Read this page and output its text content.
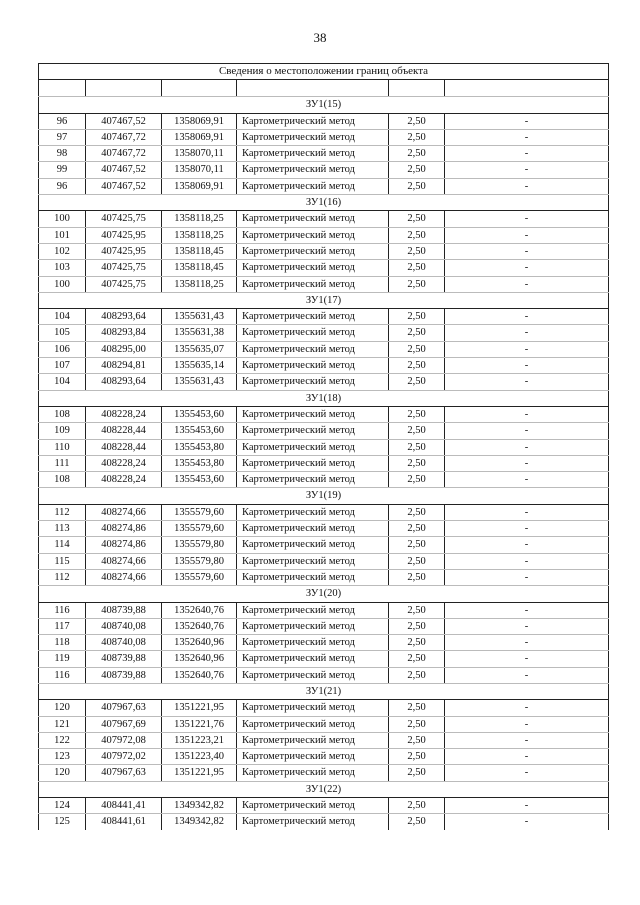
38
Сведения о местоположении границ объекта					

ЗУ1(15)					
96	407467,52	1358069,91	Картометрический метод	2,50	-
97	407467,72	1358069,91	Картометрический метод	2,50	-
98	407467,72	1358070,11	Картометрический метод	2,50	-
99	407467,52	1358070,11	Картометрический метод	2,50	-
96	407467,52	1358069,91	Картометрический метод	2,50	-
ЗУ1(16)					
100	407425,75	1358118,25	Картометрический метод	2,50	-
101	407425,95	1358118,25	Картометрический метод	2,50	-
102	407425,95	1358118,45	Картометрический метод	2,50	-
103	407425,75	1358118,45	Картометрический метод	2,50	-
100	407425,75	1358118,25	Картометрический метод	2,50	-
ЗУ1(17)					
104	408293,64	1355631,43	Картометрический метод	2,50	-
105	408293,84	1355631,38	Картометрический метод	2,50	-
106	408295,00	1355635,07	Картометрический метод	2,50	-
107	408294,81	1355635,14	Картометрический метод	2,50	-
104	408293,64	1355631,43	Картометрический метод	2,50	-
ЗУ1(18)					
108	408228,24	1355453,60	Картометрический метод	2,50	-
109	408228,44	1355453,60	Картометрический метод	2,50	-
110	408228,44	1355453,80	Картометрический метод	2,50	-
111	408228,24	1355453,80	Картометрический метод	2,50	-
108	408228,24	1355453,60	Картометрический метод	2,50	-
ЗУ1(19)					
112	408274,66	1355579,60	Картометрический метод	2,50	-
113	408274,86	1355579,60	Картометрический метод	2,50	-
114	408274,86	1355579,80	Картометрический метод	2,50	-
115	408274,66	1355579,80	Картометрический метод	2,50	-
112	408274,66	1355579,60	Картометрический метод	2,50	-
ЗУ1(20)					
116	408739,88	1352640,76	Картометрический метод	2,50	-
117	408740,08	1352640,76	Картометрический метод	2,50	-
118	408740,08	1352640,96	Картометрический метод	2,50	-
119	408739,88	1352640,96	Картометрический метод	2,50	-
116	408739,88	1352640,76	Картометрический метод	2,50	-
ЗУ1(21)					
120	407967,63	1351221,95	Картометрический метод	2,50	-
121	407967,69	1351221,76	Картометрический метод	2,50	-
122	407972,08	1351223,21	Картометрический метод	2,50	-
123	407972,02	1351223,40	Картометрический метод	2,50	-
120	407967,63	1351221,95	Картометрический метод	2,50	-
ЗУ1(22)					
124	408441,41	1349342,82	Картометрический метод	2,50	-
125	408441,61	1349342,82	Картометрический метод	2,50	-
